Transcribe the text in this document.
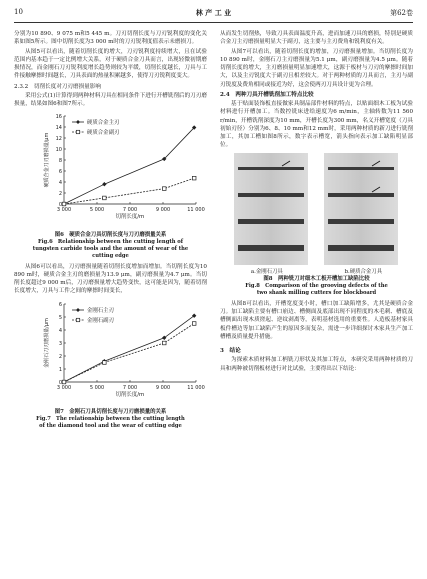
10	林 产 工 业	第62卷

分别为10 890、9 075 m和5 445 m。刀刃切削长度与刀刃锐利度的变化关系如图5所示。图中切削长度为3 000 m时的刀刃锐利度值表示未磨损刀。

从图5可以看出，随着切削长度的增大，刀刃锐利度持续增大，且在试验范围内基本趋于一定比例增大关系，对于硬质合金刀具而言，出现轻微初期磨损情况，而金刚石刀刃锐利度增长趋势则较为平缓，切削长度越长，刀具与工件接触摩擦时间越长，刀具表面的热量积累越多，使得刀刃锐利度变大。

2.3.2　切削长度对刀刃磨损量影响

采用公式(1)计算得到两种材料刀具在相同条件下进行开槽铣削后的刀刃磨损量，结果如图6和图7所示。

0
2
4
6
8
10
12
14
16
3 000	5 000	7 000	9 000	11 000
切削长度/m
硬质合金刀刃磨损量/μm
硬质合金主刃
硬质合金副刃
图6　硬质合金刀具切削长度与刀刃磨损量关系
Fig.6　Relationship between the cutting length of
tungsten carbide tools and the amount of wear of the
cutting edge

从图6可以看出，刀刃磨损量随着切削长度增加而增加。当切削长度为10 890 m时，硬质合金主刃的磨损量为13.9 μm，副刃磨损量为4.7 μm。当切削长度超过9 000 m后，刀刃磨损量增大趋势变快，这可能是因为，随着切削长度增大，刀具与工件之间的摩擦时间变长，

0
1
2
3
4
5
6
3 000	5 000	7 000	9 000	11 000
切削长度/m
金刚石刀刃磨损量/μm
金刚石主刃
金刚石副刃
图7　金刚石刀具切削长度与刀刃磨损量的关系
Fig.7　The relationship between the cutting length
of the diamond tool and the wear of cutting edge

从而发生切削热，导致刀具表面温度升高，进而加速刀具的磨损，特别是硬质合金刀主刃磨损量明显大于副刃，这主要与主刃费角和锐利度有关。

从图7可以看出，随着切削长度的增加，刀刃磨损量增加。当切削长度为10 890 m时，金刚石刀主刃磨损量为5.1 μm，副刃磨损量为4.5 μm。随着切削长度的增大，主刃磨损量明显加速增大，这源于板材与刀刃的摩擦时间加大，以及主刃锐度大于副刃且相差较大。对于两种材质的刀具而言，主刃与副刃锐度及费角相同或接近为好，这会使两刃刀具设计更为合理。

2.4　两种刀具开槽铣削加工特点比较

基于贴面装饰板直接做家具制品部件材料的特点，以贴面细木工板为试验材料进行开槽加工。当数控铣床进给速度为6 m/min，主轴转数为11 560 r/min，开槽铣削深度为10 mm，开槽长度为300 mm，名义开槽宽度（刀具初始刃径）分别为6、8、10 mm和12 mm时，采用两种材质的新刀进行铣削加工，其加工槽如图8所示，数字表示槽宽，箭头指向表示加工缺陷明显部位。

a.金刚石刀具	b.硬质合金刀具
图8　两种铣刀对细木工板开槽加工缺陷比较
Fig.8　Comparison of the grooving defects of the
two shank milling cutters for blockboard

从图8可以看出，开槽宽度变小时，槽口加工缺陷增多，尤其是硬质合金刀。加工缺陷主要有槽口崩边、槽侧面及底部出现不同程度的木毛刺、槽底及槽侧面出现木质搓起、逆纹剥离等，表明基材选用的重要性。人造板基材家具板件槽边等加工缺陷产生的原因多而复杂，需进一步详细探讨木家具生产加工槽槽及质量提升措施。

3　结论

为探索木质材料加工柄铣刀形状及其加工特点，本研究采用两种材质的刀具和两种被切削板材进行对比试验，主要得出以下结论：
